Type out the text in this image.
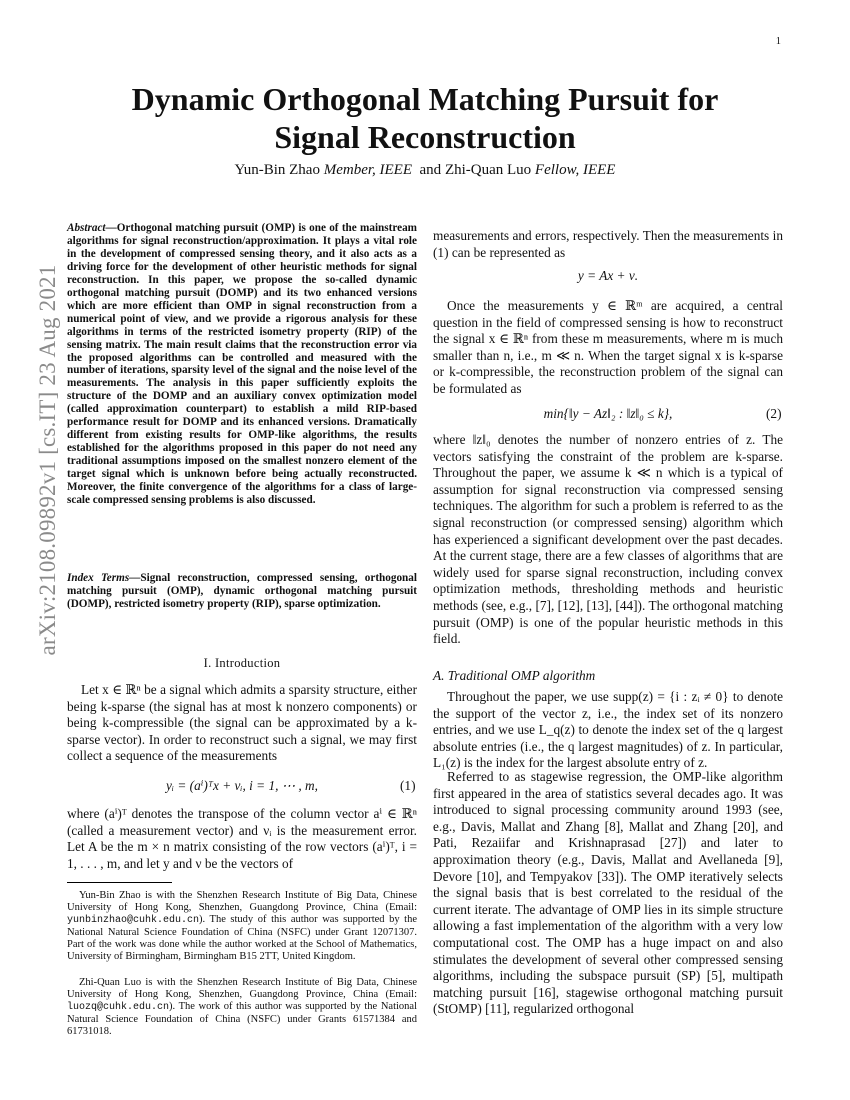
1
arXiv:2108.09892v1 [cs.IT] 23 Aug 2021
Dynamic Orthogonal Matching Pursuit for Signal Reconstruction
Yun-Bin Zhao Member, IEEE and Zhi-Quan Luo Fellow, IEEE
Abstract—Orthogonal matching pursuit (OMP) is one of the mainstream algorithms for signal reconstruction/approximation. It plays a vital role in the development of compressed sensing theory, and it also acts as a driving force for the development of other heuristic methods for signal reconstruction. In this paper, we propose the so-called dynamic orthogonal matching pursuit (DOMP) and its two enhanced versions which are more efficient than OMP in signal reconstruction from a numerical point of view, and we provide a rigorous analysis for these algorithms in terms of the restricted isometry property (RIP) of the sensing matrix. The main result claims that the reconstruction error via the proposed algorithms can be controlled and measured with the number of iterations, sparsity level of the signal and the noise level of the measurements. The analysis in this paper sufficiently exploits the structure of the DOMP and an auxiliary convex optimization model (called approximation counterpart) to establish a mild RIP-based performance result for DOMP and its enhanced versions. Dramatically different from existing results for OMP-like algorithms, the results established for the algorithms proposed in this paper do not need any traditional assumptions imposed on the smallest nonzero element of the target signal which is unknown before being actually reconstructed. Moreover, the finite convergence of the algorithms for a class of large-scale compressed sensing problems is also discussed.
Index Terms—Signal reconstruction, compressed sensing, orthogonal matching pursuit (OMP), dynamic orthogonal matching pursuit (DOMP), restricted isometry property (RIP), sparse optimization.
I. Introduction
Let x ∈ ℝⁿ be a signal which admits a sparsity structure, either being k-sparse (the signal has at most k nonzero components) or being k-compressible (the signal can be approximated by a k-sparse vector). In order to reconstruct such a signal, we may first collect a sequence of the measurements
yᵢ = (aⁱ)ᵀx + νᵢ, i = 1, ⋯ , m,	(1)
where (aⁱ)ᵀ denotes the transpose of the column vector aⁱ ∈ ℝⁿ (called a measurement vector) and νᵢ is the measurement error. Let A be the m × n matrix consisting of the row vectors (aⁱ)ᵀ, i = 1, . . . , m, and let y and ν be the vectors of
Yun-Bin Zhao is with the Shenzhen Research Institute of Big Data, Chinese University of Hong Kong, Shenzhen, Guangdong Province, China (Email: yunbinzhao@cuhk.edu.cn). The study of this author was supported by the National Natural Science Foundation of China (NSFC) under Grant 12071307. Part of the work was done while the author worked at the School of Mathematics, University of Birmingham, Birmingham B15 2TT, United Kingdom.
Zhi-Quan Luo is with the Shenzhen Research Institute of Big Data, Chinese University of Hong Kong, Shenzhen, Guangdong Province, China (Email: luozq@cuhk.edu.cn). The work of this author was supported by the National Natural Science Foundation of China (NSFC) under Grants 61571384 and 61731018.
measurements and errors, respectively. Then the measurements in (1) can be represented as
y = Ax + ν.
Once the measurements y ∈ ℝᵐ are acquired, a central question in the field of compressed sensing is how to reconstruct the signal x ∈ ℝⁿ from these m measurements, where m is much smaller than n, i.e., m ≪ n. When the target signal x is k-sparse or k-compressible, the reconstruction problem of the signal can be formulated as
min{‖y − Az‖₂ : ‖z‖₀ ≤ k},	(2)
where ‖z‖₀ denotes the number of nonzero entries of z. The vectors satisfying the constraint of the problem are k-sparse. Throughout the paper, we assume k ≪ n which is a typical of assumption for signal reconstruction via compressed sensing techniques. The algorithm for such a problem is referred to as the signal reconstruction (or compressed sensing) algorithm which has experienced a significant development over the past decades. At the current stage, there are a few classes of algorithms that are widely used for sparse signal reconstruction, including convex optimization methods, thresholding methods and heuristic methods (see, e.g., [7], [12], [13], [44]). The orthogonal matching pursuit (OMP) is one of the popular heuristic methods in this field.
A. Traditional OMP algorithm
Throughout the paper, we use supp(z) = {i : zᵢ ≠ 0} to denote the support of the vector z, i.e., the index set of its nonzero entries, and we use L_q(z) to denote the index set of the q largest absolute entries (i.e., the q largest magnitudes) of z. In particular, L₁(z) is the index for the largest absolute entry of z.
Referred to as stagewise regression, the OMP-like algorithm first appeared in the area of statistics several decades ago. It was introduced to signal processing community around 1993 (see, e.g., Davis, Mallat and Zhang [8], Mallat and Zhang [20], and Pati, Rezaiifar and Krishnaprasad [27]) and later to approximation theory (e.g., Davis, Mallat and Avellaneda [9], Devore [10], and Tempyakov [33]). The OMP iteratively selects the signal basis that is best correlated to the residual of the current iterate. The advantage of OMP lies in its simple structure allowing a fast implementation of the algorithm with a very low computational cost. The OMP has a huge impact on and also stimulates the development of several other compressed sensing algorithms, including the subspace pursuit (SP) [5], multipath matching pursuit [16], stagewise orthogonal matching pursuit (StOMP) [11], regularized orthogonal
